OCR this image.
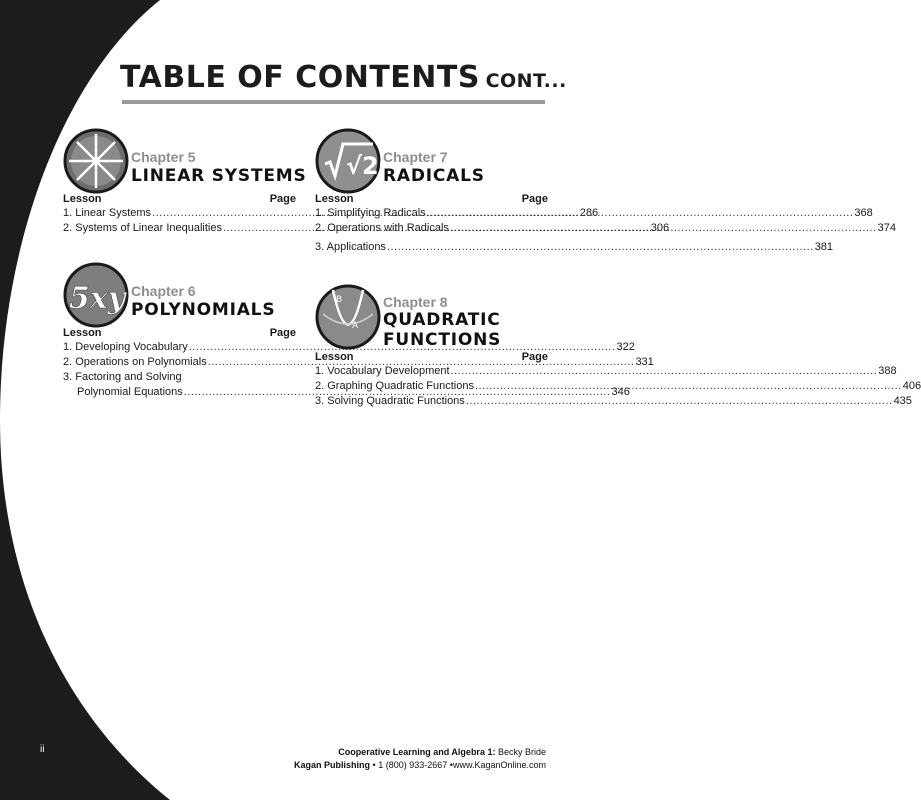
TABLE OF CONTENTS CONT...
Chapter 5
LINEAR SYSTEMS
Lesson	Page
1. Linear Systems .....	286
2. Systems of Linear Inequalities .....	306
√20
Chapter 7
RADICALS
Lesson	Page
1. Simplifying Radicals .....	368
2. Operations with Radicals .....	374
3. Applications .....	381
5xy Chapter 6
POLYNOMIALS
Lesson	Page
1. Developing Vocabulary .....	322
2. Operations on Polynomials .....	331
3. Factoring and Solving
Polynomial Equations .....	346
B
A
Chapter 8
QUADRATIC
FUNCTIONS
Lesson	Page
1. Vocabulary Development .....	388
2. Graphing Quadratic Functions .....	406
3. Solving Quadratic Functions .....	435
ii	Cooperative Learning and Algebra 1: Becky Bride
Kagan Publishing • 1 (800) 933-2667 •www.KaganOnline.com
